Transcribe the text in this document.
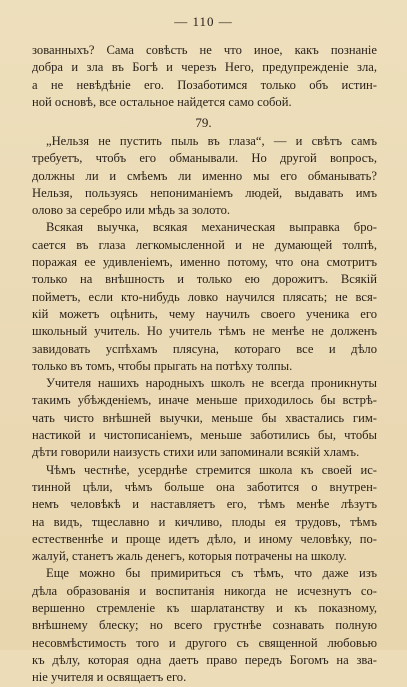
— 110 —
зованныхъ? Сама совѣсть не что иное, какъ познаніе
добра и зла въ Богѣ и черезъ Него, предупрежденіе зла,
а не невѣдѣніе его. Позаботимся только объ истин-
ной основѣ, все остальное найдется само собой.
79.
„Нельзя не пустить пыль въ глаза“, — и свѣтъ самъ
требуетъ, чтобъ его обманывали. Но другой вопросъ,
должны ли и смѣемъ ли именно мы его обманывать?
Нельзя, пользуясь непониманіемъ людей, выдавать имъ
олово за серебро или мѣдь за золото.
Всякая выучка, всякая механическая выправка бро-
сается въ глаза легкомысленной и не думающей толпѣ,
поражая ее удивленіемъ, именно потому, что она смотритъ
только на внѣшность и только ею дорожитъ. Всякій
пойметъ, если кто-нибудь ловко научился плясать; не вся-
кій можетъ оцѣнить, чему научилъ своего ученика его
школьный учитель. Но учитель тѣмъ не менѣе не долженъ
завидовать успѣхамъ плясуна, котораго все и дѣло
только въ томъ, чтобы прыгать на потѣху толпы.
Учителя нашихъ народныхъ школъ не всегда проникнуты
такимъ убѣжденіемъ, иначе меньше приходилось бы встрѣ-
чать чисто внѣшней выучки, меньше бы хвастались гим-
настикой и чистописаніемъ, меньше заботились бы, чтобы
дѣти говорили наизусть стихи или запоминали всякій хламъ.
Чѣмъ честнѣе, усерднѣе стремится школа къ своей ис-
тинной цѣли, чѣмъ больше она заботится о внутрен-
немъ человѣкѣ и наставляетъ его, тѣмъ менѣе лѣзутъ
на видъ, тщеславно и кичливо, плоды ея трудовъ, тѣмъ
естественнѣе и проще идетъ дѣло, и иному человѣку, по-
жалуй, станетъ жаль денегъ, которыя потрачены на школу.
Еще можно бы примириться съ тѣмъ, что даже изъ
дѣла образованія и воспитанія никогда не исчезнутъ со-
вершенно стремленіе къ шарлатанству и къ показному,
внѣшнему блеску; но всего грустнѣе сознавать полную
несовмѣстимость того и другого съ священной любовью
къ дѣлу, которая одна даетъ право передъ Богомъ на зва-
ніе учителя и освящаетъ его.
